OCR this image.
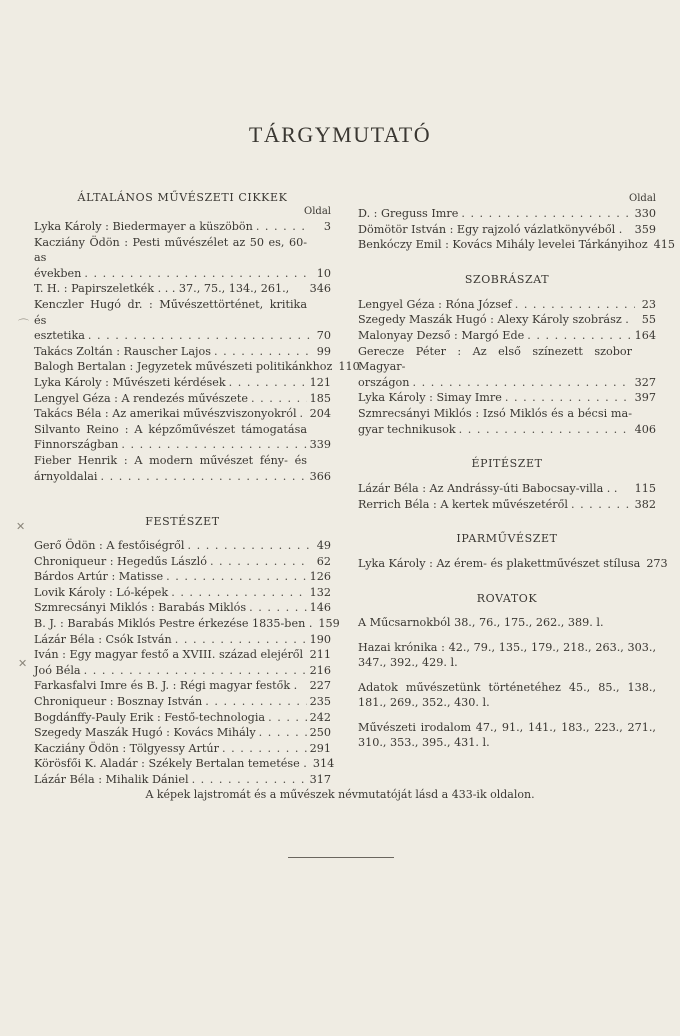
TÁRGYMUTATÓ
ÁLTALÁNOS MŰVÉSZETI CIKKEK
Oldal
Lyka Károly : Biedermayer a küszöbön . . .	3
Kacziány Ödön : Pesti művészélet az 50 es, 60-as
években . . .	10
T. H. : Papirszeletkék . . . 37., 75., 134., 261., 346
Kenczler Hugó dr. : Művészettörténet, kritika és
esztetika . . .	70
Takács Zoltán : Rauscher Lajos . . .	99
Balogh Bertalan : Jegyzetek művészeti politikánkhoz 110
Lyka Károly : Művészeti kérdések . . .	121
Lengyel Géza : A rendezés művészete . . .	185
Takács Béla : Az amerikai művészviszonyokról . . . 204
Silvanto Reino : A képzőművészet támogatása
Finnországban . . .	339
Fieber Henrik : A modern művészet fény- és
árnyoldalai . . .	366
FESTÉSZET
Gerő Ödön : A festőiségről . . .	49
Chroniqueur : Hegedűs László . . .	62
Bárdos Artúr : Matisse . . .	126
Lovik Károly : Ló-képek . . .	132
Szmrecsányi Miklós : Barabás Miklós . . .	146
B. J. : Barabás Miklós Pestre érkezése 1835-ben . 159
Lázár Béla : Csók István . . .	190
Iván : Egy magyar festő a XVIII. század elejéről 211
Joó Béla . . .	216
Farkasfalvi Imre és B. J. : Régi magyar festők . 227
Chroniqueur : Bosznay István . . .	235
Bogdánffy-Pauly Erik : Festő-technologia . . .	242
Szegedy Maszák Hugó : Kovács Mihály . . .	250
Kacziány Ödön : Tölgyessy Artúr . . .	291
Körösfői K. Aladár : Székely Bertalan temetése . 314
Lázár Béla : Mihalik Dániel . . .	317
Oldal
D. : Greguss Imre . . .	330
Dömötör István : Egy rajzoló vázlatkönyvéből . 359
Benkóczy Emil : Kovács Mihály levelei Tárkányihoz 415
SZOBRÁSZAT
Lengyel Géza : Róna József . . .	23
Szegedy Maszák Hugó : Alexy Károly szobrász .	55
Malonyay Dezső : Margó Ede . . .	164
Gerecze Péter : Az első színezett szobor Magyar-
országon . . .	327
Lyka Károly : Simay Imre . . .	397
Szmrecsányi Miklós : Izsó Miklós és a bécsi ma-
gyar technikusok . . .	406
ÉPITÉSZET
Lázár Béla : Az Andrássy-úti Babocsay-villa . . 115
Rerrich Béla : A kertek művészetéről . . .	382
IPARMŰVÉSZET
Lyka Károly : Az érem- és plakettművészet stílusa 273
ROVATOK
A Műcsarnokból 38., 76., 175., 262., 389. l.
Hazai krónika : 42., 79., 135., 179., 218., 263., 303., 347., 392., 429. l.
Adatok művészetünk történetéhez 45., 85., 138., 181., 269., 352., 430. l.
Művészeti irodalom 47., 91., 141., 183., 223., 271., 310., 353., 395., 431. l.
A képek lajstromát és a művészek névmutatóját lásd a 433-ik oldalon.
⌒
✕
✕
